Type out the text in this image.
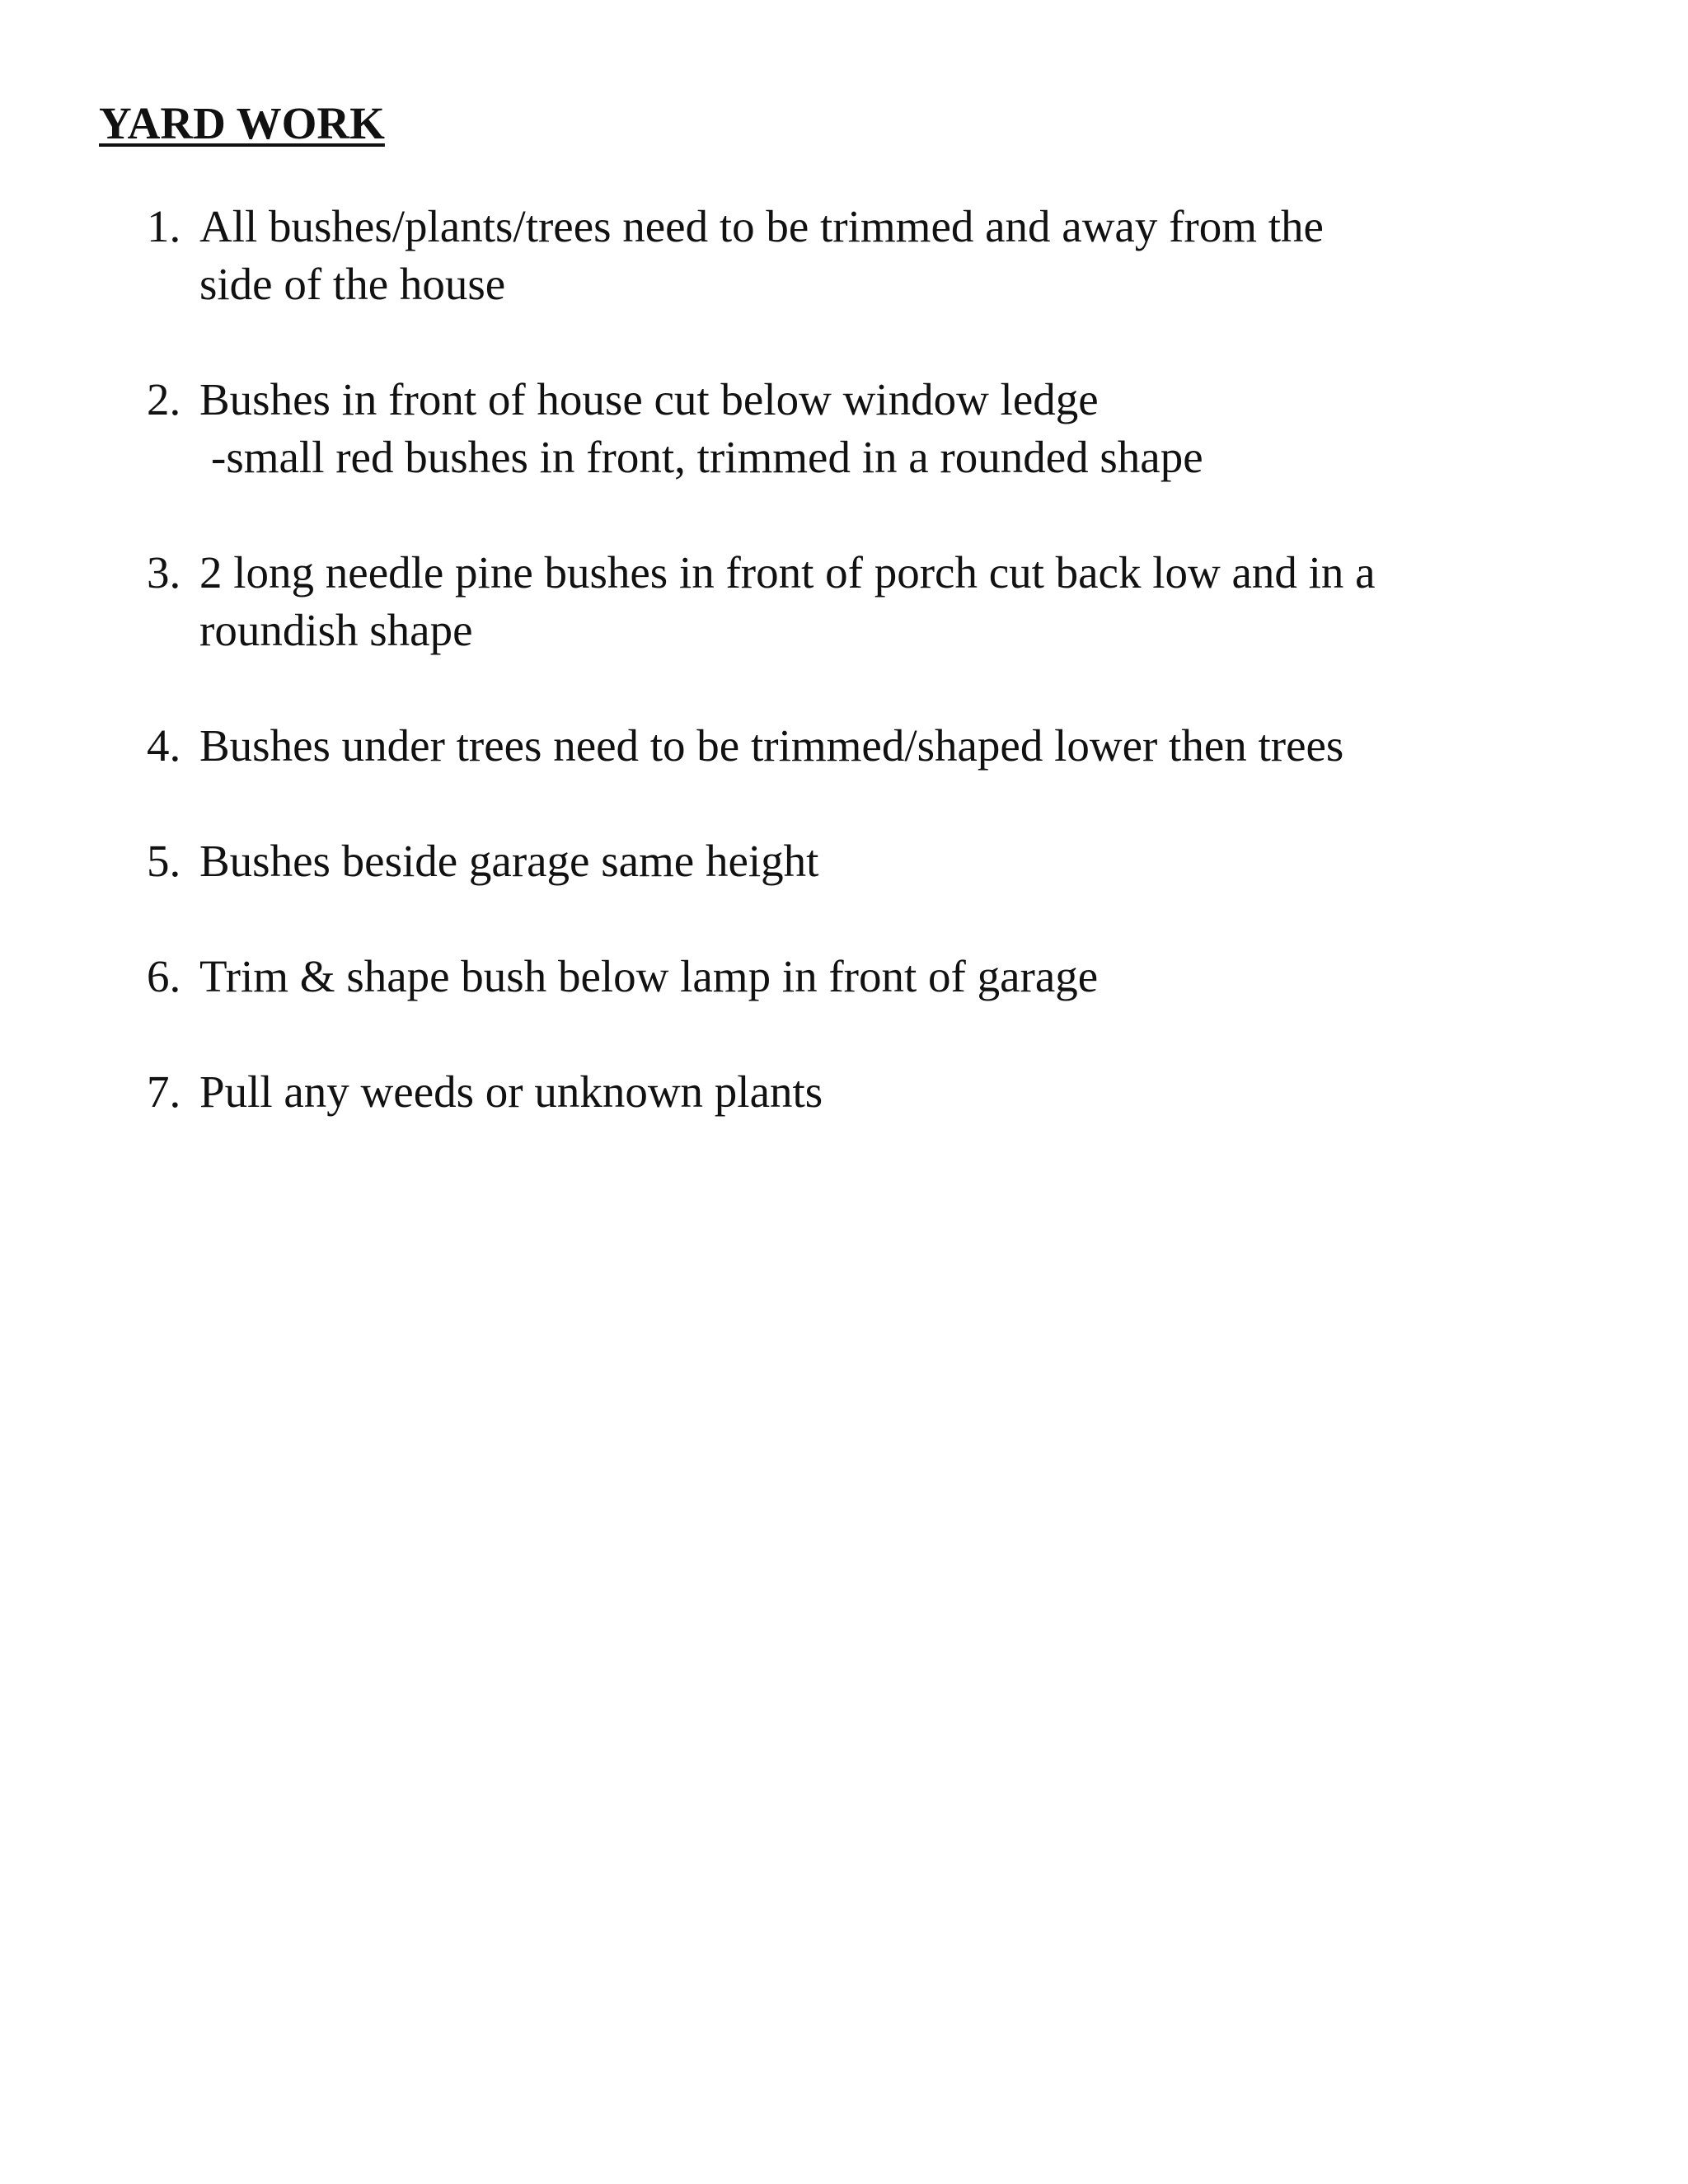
YARD WORK
1. All bushes/plants/trees need to be trimmed and away from the
side of the house
2. Bushes in front of house cut below window ledge
-small red bushes in front, trimmed in a rounded shape
3. 2 long needle pine bushes in front of porch cut back low and in a
roundish shape
4. Bushes under trees need to be trimmed/shaped lower then trees
5. Bushes beside garage same height
6. Trim & shape bush below lamp in front of garage
7. Pull any weeds or unknown plants
